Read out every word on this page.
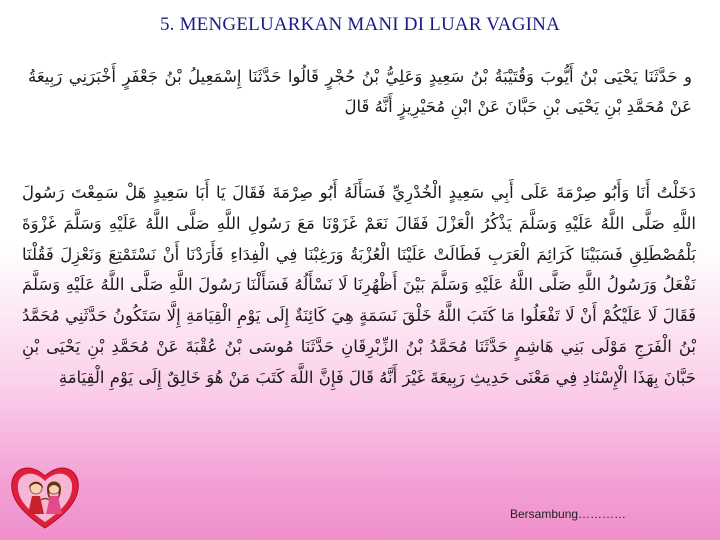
5. MENGELUARKAN MANI DI LUAR VAGINA
و حَدَّثَنَا يَحْيَى بْنُ أَيُّوبَ وَقُتَيْبَةُ بْنُ سَعِيدٍ وَعَلِيُّ بْنُ حُجْرٍ قَالُوا حَدَّثَنَا إِسْمَعِيلُ بْنُ جَعْفَرٍ أَخْبَرَنِي رَبِيعَةُ عَنْ مُحَمَّدِ بْنِ يَحْيَى بْنِ حَبَّانَ عَنْ ابْنِ مُحَيْرِيزٍ أَنَّهُ قَالَ
دَخَلْتُ أَنَا وَأَبُو صِرْمَةَ عَلَى أَبِي سَعِيدٍ الْخُدْرِيِّ فَسَأَلَهُ أَبُو صِرْمَةَ فَقَالَ يَا أَبَا سَعِيدٍ هَلْ سَمِعْتَ رَسُولَ اللَّهِ صَلَّى اللَّهُ عَلَيْهِ وَسَلَّمَ يَذْكُرُ الْعَزْلَ فَقَالَ نَعَمْ غَزَوْنَا مَعَ رَسُولِ اللَّهِ صَلَّى اللَّهُ عَلَيْهِ وَسَلَّمَ غَزْوَةَ بَلْمُصْطَلِقِ فَسَبَيْنَا كَرَائِمَ الْعَرَبِ فَطَالَتْ عَلَيْنَا الْعُزْبَةُ وَرَغِبْنَا فِي الْفِدَاءِ فَأَرَدْنَا أَنْ نَسْتَمْتِعَ وَنَعْزِلَ فَقُلْنَا نَفْعَلُ وَرَسُولُ اللَّهِ صَلَّى اللَّهُ عَلَيْهِ وَسَلَّمَ بَيْنَ أَظْهُرِنَا لَا نَسْأَلُهُ فَسَأَلْنَا رَسُولَ اللَّهِ صَلَّى اللَّهُ عَلَيْهِ وَسَلَّمَ فَقَالَ لَا عَلَيْكُمْ أَنْ لَا تَفْعَلُوا مَا كَتَبَ اللَّهُ خَلْقَ نَسَمَةٍ هِيَ كَائِنَةٌ إِلَى يَوْمِ الْقِيَامَةِ إِلَّا سَتَكُونُ حَدَّثَنِي مُحَمَّدُ بْنُ الْفَرَجِ مَوْلَى بَنِي هَاشِمٍ حَدَّثَنَا مُحَمَّدُ بْنُ الزِّبْرِقَانِ حَدَّثَنَا مُوسَى بْنُ عُقْبَةَ عَنْ مُحَمَّدِ بْنِ يَحْيَى بْنِ حَبَّانَ بِهَذَا الْإِسْنَادِ فِي مَعْنَى حَدِيثِ رَبِيعَةَ غَيْرَ أَنَّهُ قَالَ فَإِنَّ اللَّهَ كَتَبَ مَنْ هُوَ خَالِقٌ إِلَى يَوْمِ الْقِيَامَةِ
Bersambung…………
